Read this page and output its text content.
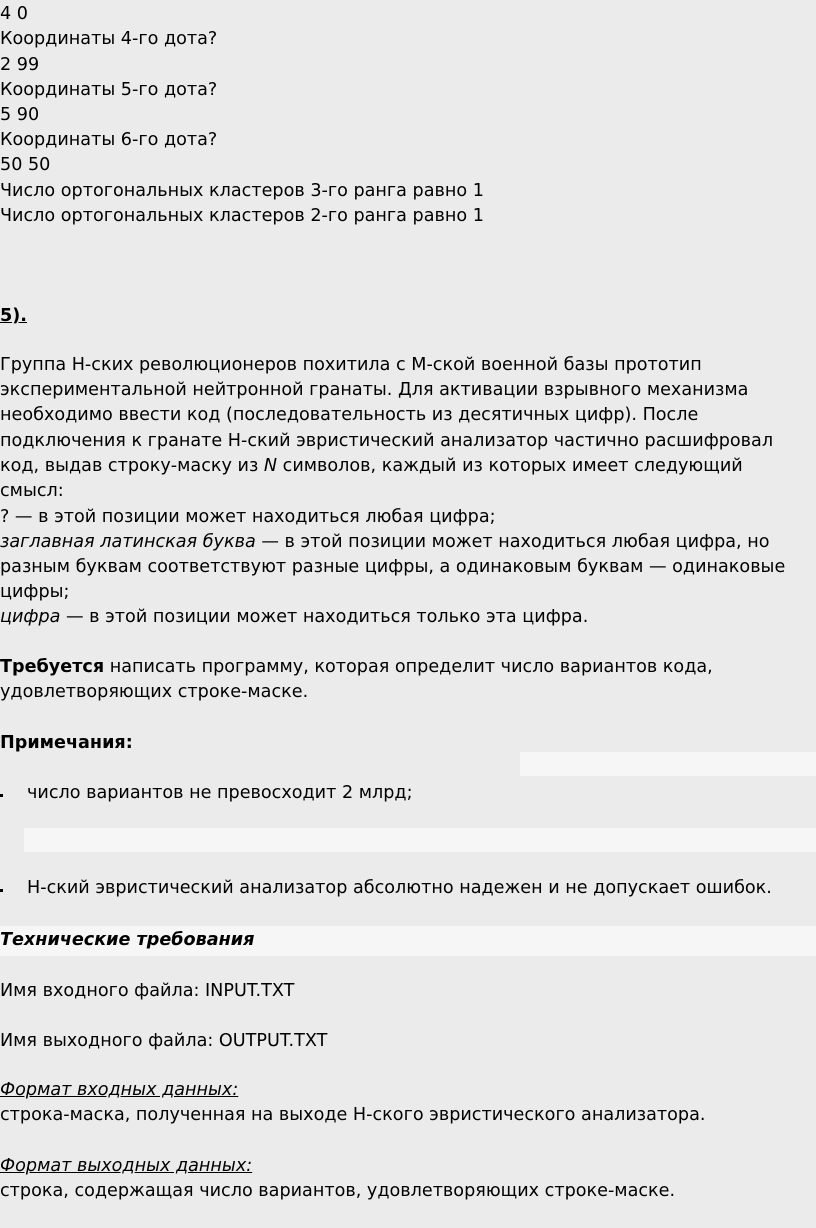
4 0
Координаты 4-го дота?
2 99
Координаты 5-го дота?
5 90
Координаты 6-го дота?
50 50
Число ортогональных кластеров 3-го ранга равно 1
Число ортогональных кластеров 2-го ранга равно 1
5).
Группа Н-ских революционеров похитила с М-ской военной базы прототип
экспериментальной нейтронной гранаты. Для активации взрывного механизма
необходимо ввести код (последовательность из десятичных цифр). После
подключения к гранате Н-ский эвристический анализатор частично расшифровал
код, выдав строку-маску из N символов, каждый из которых имеет следующий
смысл:
? — в этой позиции может находиться любая цифра;
заглавная латинская буква — в этой позиции может находиться любая цифра, но
разным буквам соответствуют разные цифры, а одинаковым буквам — одинаковые
цифры;
цифра — в этой позиции может находиться только эта цифра.
Требуется написать программу, которая определит число вариантов кода,
удовлетворяющих строке-маске.
Примечания:
число вариантов не превосходит 2 млрд;
Н-ский эвристический анализатор абсолютно надежен и не допускает ошибок.
Технические требования
Имя входного файла: INPUT.TXT
Имя выходного файла: OUTPUT.TXT
Формат входных данных:
строка-маска, полученная на выходе Н-ского эвристического анализатора.
Формат выходных данных:
строка, содержащая число вариантов, удовлетворяющих строке-маске.
